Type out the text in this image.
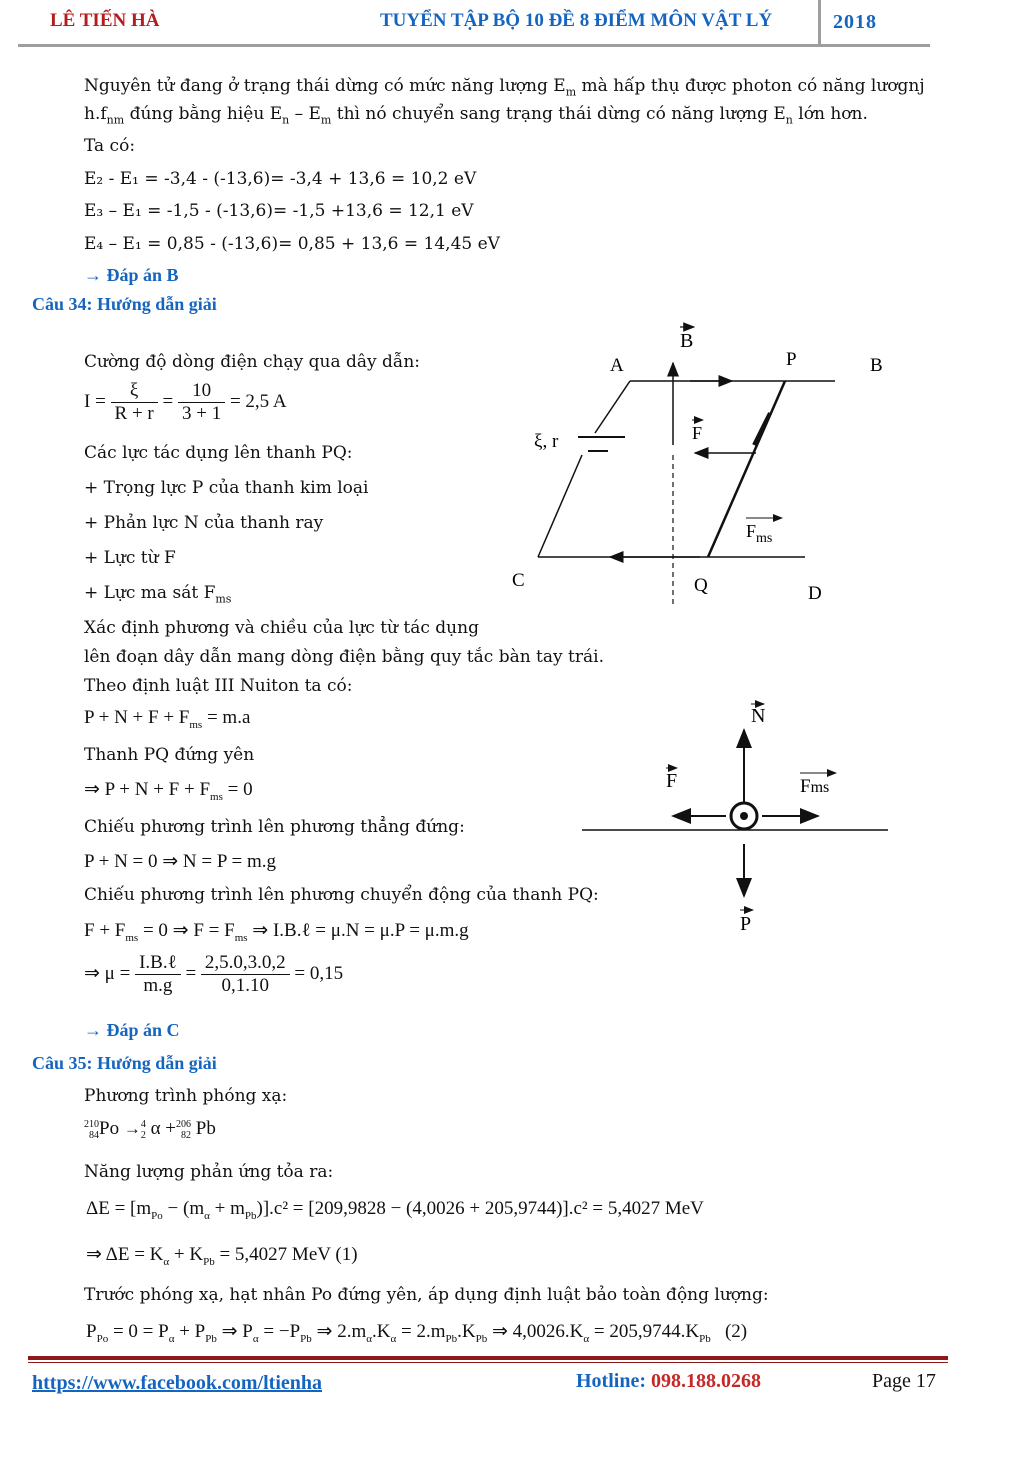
LÊ TIẾN HÀ	TUYỂN TẬP BỘ 10 ĐỀ 8 ĐIỂM MÔN VẬT LÝ	2018
Nguyên tử đang ở trạng thái dừng có mức năng lượng $E_m$ mà hấp thụ được photon có năng lươgnj
$h.f_{nm}$ đúng bằng hiệu $E_n - E_m$ thì nó chuyển sang trạng thái dừng có năng lượng $E_n$ lớn hơn.
Ta có:
E₂ - E₁ = -3,4 - (-13,6)= -3,4 + 13,6 = 10,2 eV
E₃ – E₁ = -1,5 - (-13,6)= -1,5 +13,6 = 12,1 eV
E₄ – E₁ = 0,85 - (-13,6)= 0,85 + 13,6 = 14,45 eV
→ Đáp án B
Câu 34: Hướng dẫn giải
Cường độ dòng điện chạy qua dây dẫn:
$I = \frac{\xi}{R + r} = \frac{10}{3 + 1} = 2,5$ A
Các lực tác dụng lên thanh PQ:
+ Trọng lực P của thanh kim loại
+ Phản lực N của thanh ray
+ Lực từ F
+ Lực ma sát $F_{ms}$
Xác định phương và chiều của lực từ tác dụng
lên đoạn dây dẫn mang dòng điện bằng quy tắc bàn tay trái.
Theo định luật III Nuiton ta có:
$P + N + F + F_{ms} = m.a$
Thanh PQ đứng yên
⇒ $P + N + F + F_{ms} = 0$
Chiếu phương trình lên phương thẳng đứng:
P + N = 0 ⇒ N = P = m.g
Chiếu phương trình lên phương chuyển động của thanh PQ:
$F + F_{ms} = 0$ ⇒ $F = F_{ms}$ ⇒ I.B.ℓ = μ.N = μ.P = μ.m.g
⇒ $\mu = \frac{\text{I.B.ℓ}}{m.g} = \frac{2,5.0,3.0,2}{0,1.10} = 0,15$
→ Đáp án C
A	B
C
D
P
Q
B
F
$F_{ms}$
ξ, r
N
F	Fms
P
Câu 35: Hướng dẫn giải
Phương trình phóng xạ:
210
84Po →4
2 α +206
82 Pb
Năng lượng phản ứng tỏa ra:
$\Delta E = [m_{Po} - (m_\alpha + m_{Pb})].c^2 = [209,9828 - (4,0026 + 205,9744)].c^2 = 5,4027$ MeV
⇒ $\Delta E = K_\alpha + K_{Pb} = 5,4027$ MeV (1)
Trước phóng xạ, hạt nhân Po đứng yên, áp dụng định luật bảo toàn động lượng:
$P_{Po} = 0 = P_\alpha + P_{Pb}$ ⇒ $P_\alpha = -P_{Pb}$ ⇒ $2.m_\alpha.K_\alpha = 2.m_{Pb}.K_{Pb}$ ⇒ $4,0026.K_\alpha = 205,9744.K_{Pb}$ (2)
https://www.facebook.com/ltienha	Hotline: 098.188.0268	Page 17
